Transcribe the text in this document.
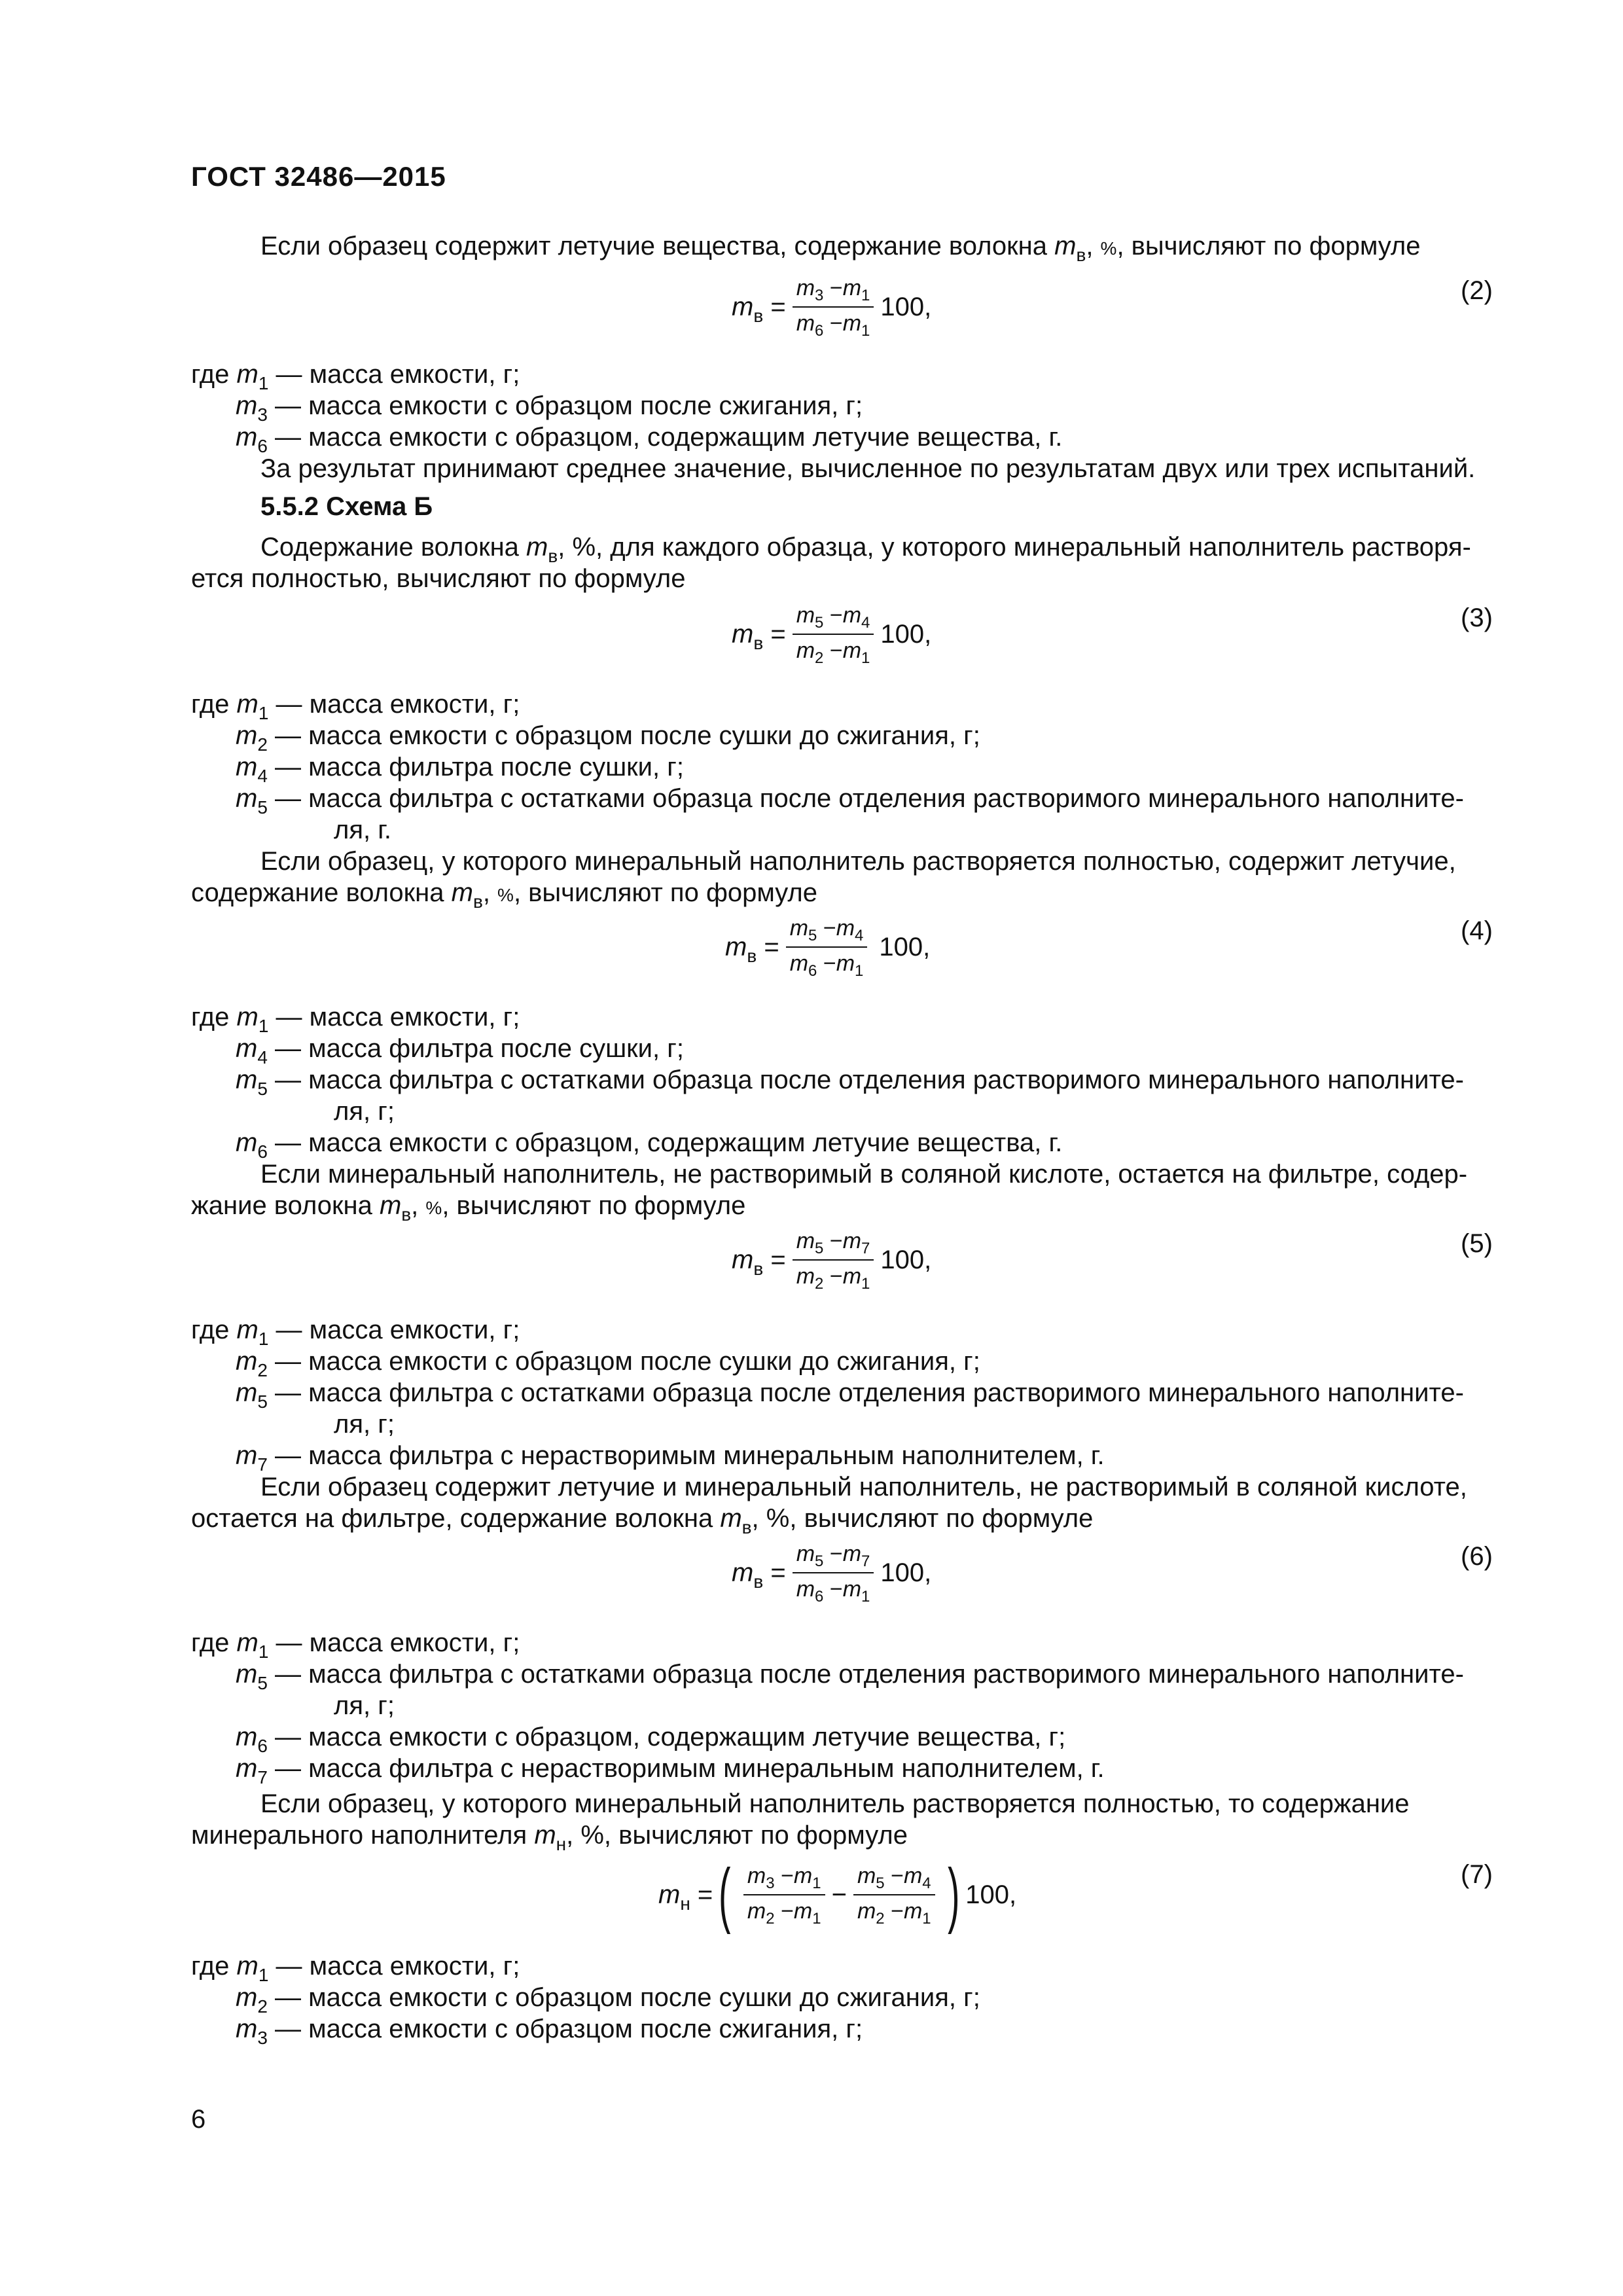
ГОСТ 32486—2015
Если образец содержит летучие вещества, содержание волокна $m_в$, %, вычисляют по формуле
$m_в = \frac{m_3 -m_1}{m_6 -m_1} 100$,
(2)
где $m_1$ — масса емкости, г;
$m_3$ — масса емкости с образцом после сжигания, г;
$m_6$ — масса емкости с образцом, содержащим летучие вещества, г.
За результат принимают среднее значение, вычисленное по результатам двух или трех испытаний.
5.5.2 Схема Б
Содержание волокна $m_в$, %, для каждого образца, у которого минеральный наполнитель растворя-
ется полностью, вычисляют по формуле
$m_в = \frac{m_5 -m_4}{m_2 -m_1} 100$,
(3)
где $m_1$ — масса емкости, г;
$m_2$ — масса емкости с образцом после сушки до сжигания, г;
$m_4$ — масса фильтра после сушки, г;
$m_5$ — масса фильтра с остатками образца после отделения растворимого минерального наполните-
ля, г.
Если образец, у которого минеральный наполнитель растворяется полностью, содержит летучие,
содержание волокна $m_в$, %, вычисляют по формуле
$m_в = \frac{m_5 -m_4}{m_6 -m_1} 100$,
(4)
где $m_1$ — масса емкости, г;
$m_4$ — масса фильтра после сушки, г;
$m_5$ — масса фильтра с остатками образца после отделения растворимого минерального наполните-
ля, г;
$m_6$ — масса емкости с образцом, содержащим летучие вещества, г.
Если минеральный наполнитель, не растворимый в соляной кислоте, остается на фильтре, содер-
жание волокна $m_в$, %, вычисляют по формуле
$m_в = \frac{m_5 -m_7}{m_2 -m_1} 100$,
(5)
где $m_1$ — масса емкости, г;
$m_2$ — масса емкости с образцом после сушки до сжигания, г;
$m_5$ — масса фильтра с остатками образца после отделения растворимого минерального наполните-
ля, г;
$m_7$ — масса фильтра с нерастворимым минеральным наполнителем, г.
Если образец содержит летучие и минеральный наполнитель, не растворимый в соляной кислоте,
остается на фильтре, содержание волокна $m_в$, %, вычисляют по формуле
$m_в = \frac{m_5 -m_7}{m_6 -m_1} 100$,
(6)
где $m_1$ — масса емкости, г;
$m_5$ — масса фильтра с остатками образца после отделения растворимого минерального наполните-
ля, г;
$m_6$ — масса емкости с образцом, содержащим летучие вещества, г;
$m_7$ — масса фильтра с нерастворимым минеральным наполнителем, г.
Если образец, у которого минеральный наполнитель растворяется полностью, то содержание
минерального наполнителя $m_н$, %, вычисляют по формуле
$m_н$ = ( $\frac{m_3 -m_1}{m_2 -m_1} - \frac{m_5 -m_4}{m_2 -m_1}$ ) 100,
(7)
где $m_1$ — масса емкости, г;
$m_2$ — масса емкости с образцом после сушки до сжигания, г;
$m_3$ — масса емкости с образцом после сжигания, г;
6
